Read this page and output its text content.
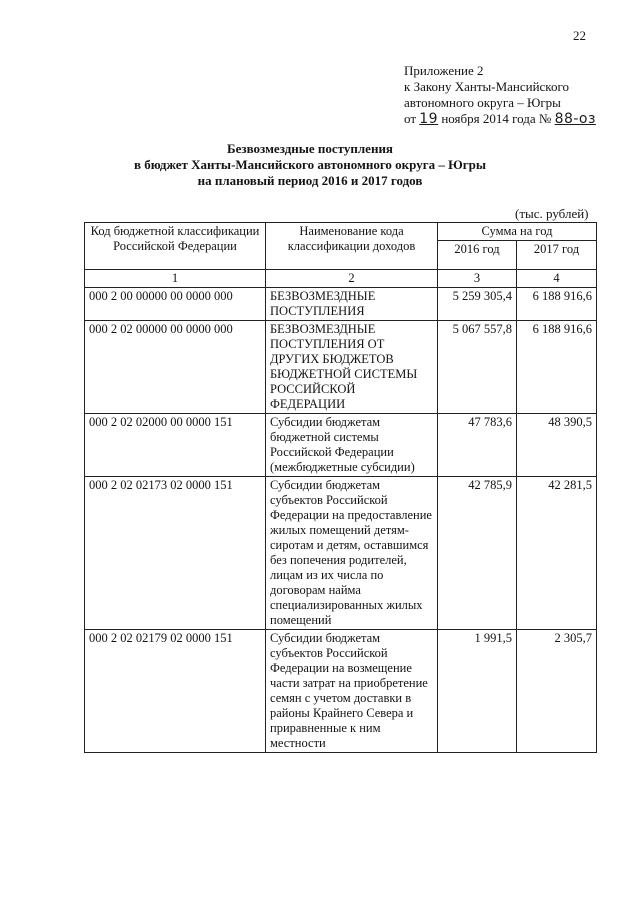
22
Приложение 2
к Закону Ханты-Мансийского
автономного округа – Югры
от 19 ноября 2014 года № 88-оз
Безвозмездные поступления
в бюджет Ханты-Мансийского автономного округа – Югры
на плановый период 2016 и 2017 годов
(тыс. рублей)
Код бюджетной классификации Российской Федерации	Наименование кода классификации доходов	Сумма на год	
		2016 год	2017 год
1	2	3	4
000 2 00 00000 00 0000 000	БЕЗВОЗМЕЗДНЫЕ ПОСТУПЛЕНИЯ	5 259 305,4	6 188 916,6
000 2 02 00000 00 0000 000	БЕЗВОЗМЕЗДНЫЕ ПОСТУПЛЕНИЯ ОТ ДРУГИХ БЮДЖЕТОВ БЮДЖЕТНОЙ СИСТЕМЫ РОССИЙСКОЙ ФЕДЕРАЦИИ	5 067 557,8	6 188 916,6
000 2 02 02000 00 0000 151	Субсидии бюджетам бюджетной системы Российской Федерации (межбюджетные субсидии)	47 783,6	48 390,5
000 2 02 02173 02 0000 151	Субсидии бюджетам субъектов Российской Федерации на предоставление жилых помещений детям-сиротам и детям, оставшимся без попечения родителей, лицам из их числа по договорам найма специализированных жилых помещений	42 785,9	42 281,5
000 2 02 02179 02 0000 151	Субсидии бюджетам субъектов Российской Федерации на возмещение части затрат на приобретение семян с учетом доставки в районы Крайнего Севера и приравненные к ним местности	1 991,5	2 305,7
